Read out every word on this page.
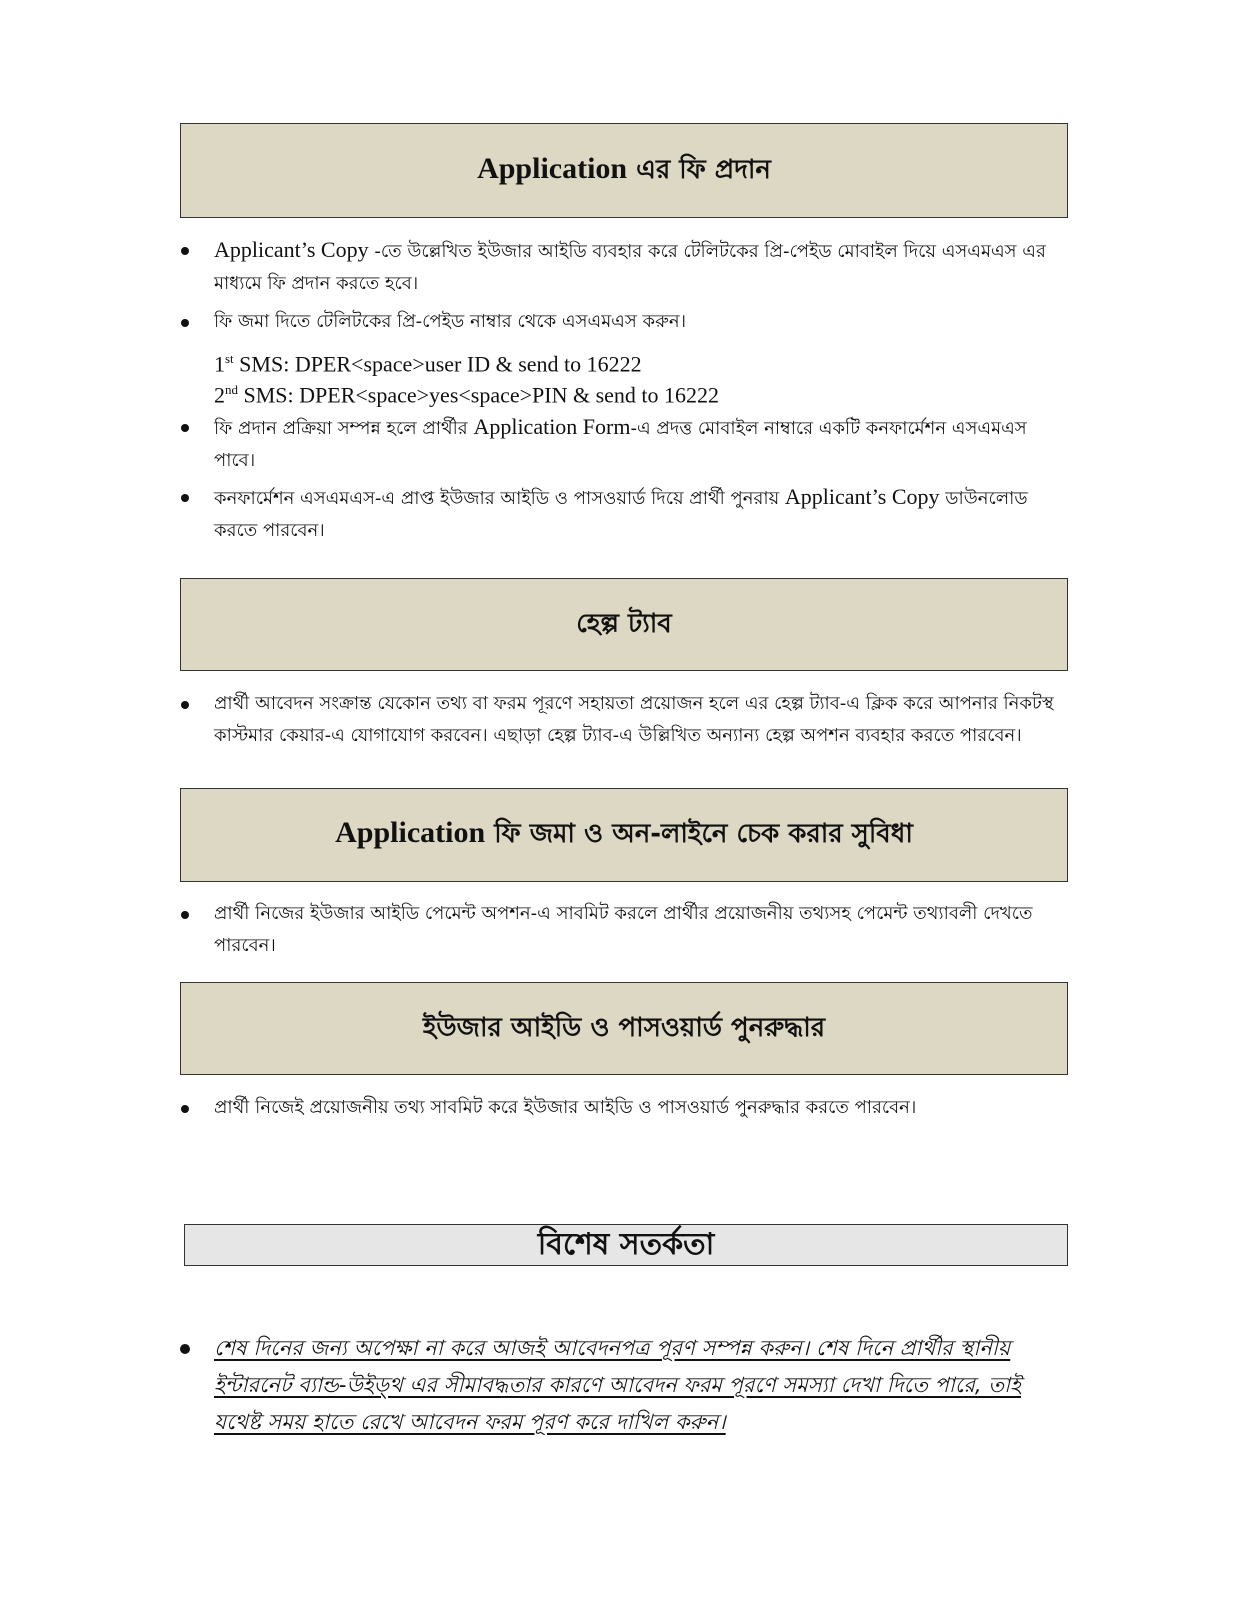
Application এর ফি প্রদান
Applicant’s Copy -তে উল্লেখিত ইউজার আইডি ব্যবহার করে টেলিটকের প্রি-পেইড মোবাইল দিয়ে এসএমএস এর মাধ্যমে ফি প্রদান করতে হবে।
ফি জমা দিতে টেলিটকের প্রি-পেইড নাম্বার থেকে এসএমএস করুন।
1st SMS: DPER<space>user ID & send to 16222
2nd SMS: DPER<space>yes<space>PIN & send to 16222
ফি প্রদান প্রক্রিয়া সম্পন্ন হলে প্রার্থীর Application Form-এ প্রদত্ত মোবাইল নাম্বারে একটি কনফার্মেশন এসএমএস পাবে।
কনফার্মেশন এসএমএস-এ প্রাপ্ত ইউজার আইডি ও পাসওয়ার্ড দিয়ে প্রার্থী পুনরায় Applicant’s Copy ডাউনলোড করতে পারবেন।
হেল্প ট্যাব
প্রার্থী আবেদন সংক্রান্ত যেকোন তথ্য বা ফরম পূরণে সহায়তা প্রয়োজন হলে এর হেল্প ট্যাব-এ ক্লিক করে আপনার নিকটস্থ কাস্টমার কেয়ার-এ যোগাযোগ করবেন। এছাড়া হেল্প ট্যাব-এ উল্লিখিত অন্যান্য হেল্প অপশন ব্যবহার করতে পারবেন।
Application ফি জমা ও অন-লাইনে চেক করার সুবিধা
প্রার্থী নিজের ইউজার আইডি পেমেন্ট অপশন-এ সাবমিট করলে প্রার্থীর প্রয়োজনীয় তথ্যসহ পেমেন্ট তথ্যাবলী দেখতে পারবেন।
ইউজার আইডি ও পাসওয়ার্ড পুনরুদ্ধার
প্রার্থী নিজেই প্রয়োজনীয় তথ্য সাবমিট করে ইউজার আইডি ও পাসওয়ার্ড পুনরুদ্ধার করতে পারবেন।
বিশেষ সতর্কতা
শেষ দিনের জন্য অপেক্ষা না করে আজই আবেদনপত্র পূরণ সম্পন্ন করুন। শেষ দিনে প্রার্থীর স্থানীয় ইন্টারনেট ব্যান্ড-উইড্থ এর সীমাবদ্ধতার কারণে আবেদন ফরম পূরণে সমস্যা দেখা দিতে পারে, তাই যথেষ্ট সময় হাতে রেখে আবেদন ফরম পূরণ করে দাখিল করুন।
